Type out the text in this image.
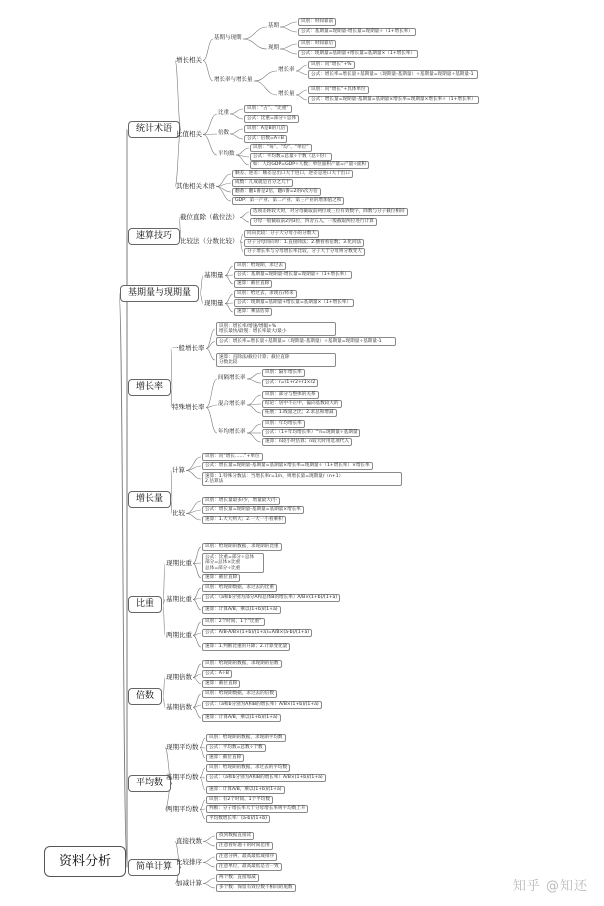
资料分析
统计术语
增长相关
基期与现期
基期
识别：时间靠前
公式：基期量=现期量-增长量=现期量÷（1+增长率）
现期
识别：时间靠后
公式：现期量=基期量+增长量=基期量×（1+增长率）
增长率与增长量
增长率
识别：问“增长”+%
公式：增长率=增长量÷基期量=（现期量-基期量）÷基期量=现期量÷基期量-1
增长量
识别：问“增长”+具体单位
公式：增长量=现期量-基期量=基期量×增长率=现期量×增长率÷（1+增长率）
比值相关
比重
识别：“占”、“比重”
公式：比重=部分÷总体
倍数
识别：A是B的几倍
公式：倍数=A÷B
平均数
识别：“每”、“均”、“单位”
公式：平均数=总量÷个数（总÷份）
如：人均GDP=GDP÷人数；单位面积产量=产量÷面积
其他相关术语
顺差、逆差：顺差是出口大于进口，逆差是进口大于出口
成数：几成就是百分之几十
翻番：翻1番是2倍，翻n番=2的n次方倍
GDP：第一产业、第二产业、第三产业的增加值之和
速算技巧
截位直除（截位法）
选项差距较大时，对分母截取前两位或三位有效数字，除数与分子截位相同
分母一般截取前2到3位，四舍五入，一般截取两位进行计算
比较法（分数比较）
同向比较：分子大分母小的分数大
分子分母同向时：1.直接除法；2.横看看倍数；3.化同法
分子增长率与分母增长率比较，分子大于分母则分数变大
基期量与现期量
基期量
识别：给现期，求过去
公式：基期量=现期量-增长量=现期量÷（1+增长率）
速算：截位直除
现期量
识别：给过去，求现在/将来
公式：现期量=基期量+增长量=基期量×（1+增长率）
速算：乘法估算
增长率
一般增长率
识别：增长率/增速/增幅+%
增长最快/最慢：增长率最大/最小
公式：增长率=增长量÷基期量=（现期量-基期量）÷基期量=现期量÷基期量-1
速算：直除法/截位计算；截位直除
分数比较
特殊增长率
间隔增长率
识别：隔年增长率
公式：r=r1+r2+r1×r2
混合增长率
识别：部分与整体的关系
结论：居中不正中，偏向基数较大的
拓展：1.线量之比；2.求总和增减
年均增长率
识别：年均增长率
公式：（1+年均增长率）^n=现期量÷基期量
速算：n较小时估算；n较大时用选项代入
增长量
计算
识别：问“增长……”+单位
公式：增长量=现期量-基期量=基期量×增长率=现期量÷（1+增长率）×增长率
速算：1.特殊分数法：当增长率r=1/n，则增长量=现期量/（n+1）
2.估算法
比较
识别：增长量最多/少，增量最大/小
公式：增长量=现期量-基期量=基期量×增长率
速算：1.大大则大；2.一大一小看乘积
比重
现期比重
识别：给现期的数据，求现期的比重
公式：比重=部分÷总体
部分=总体×比重
总体=部分÷比重
速算：截位直除
基期比重
识别：给现期数据，求过去的比重
公式：（a和b分别为部分A和总体B的增长率）A/B×(1+b)/(1+a)
速算：计算A/B，乘以(1+b)/(1+a)
两期比重
识别：2个时间、1个“比重”
公式：A/B-A/B×(1+b)/(1+a)=A/B×(a-b)/(1+a)
速算：1.判断比重的升降；2.计算变化量
倍数
现期倍数
识别：给现期的数据，求现期的倍数
公式：A÷B
速算：截位直除
基期倍数
识别：给现期数据，求过去的倍数
公式：（a和b分别为A和B的增长率）A/B×(1+b)/(1+a)
速算：计算A/B，乘以(1+b)/(1+a)
平均数
现期平均数
识别：给现期的数据，求现期平均数
公式：平均数=总数÷个数
速算：截位直除
基期平均数
识别：给现期的数据，求过去的平均数
公式：（a和b分别为A和B的增长率）A/B×(1+b)/(1+a)
速算：计算A/B，乘以(1+b)/(1+a)
两期平均数
识别：有2个时间、1个平均数
判断：分子增长率大于分母增长率则平均数上升
平均数增长率：(a-b)/(1+b)
简单计算
直接找数
找到数据直接读
注意看好题干的时间范围
比较排序
注意分辨，最高最低或排序
注意单位，最高最低是否一致
加减计算
两个数：直接加减
多个数：保留有效位数不相同的尾数	知乎 @知还
